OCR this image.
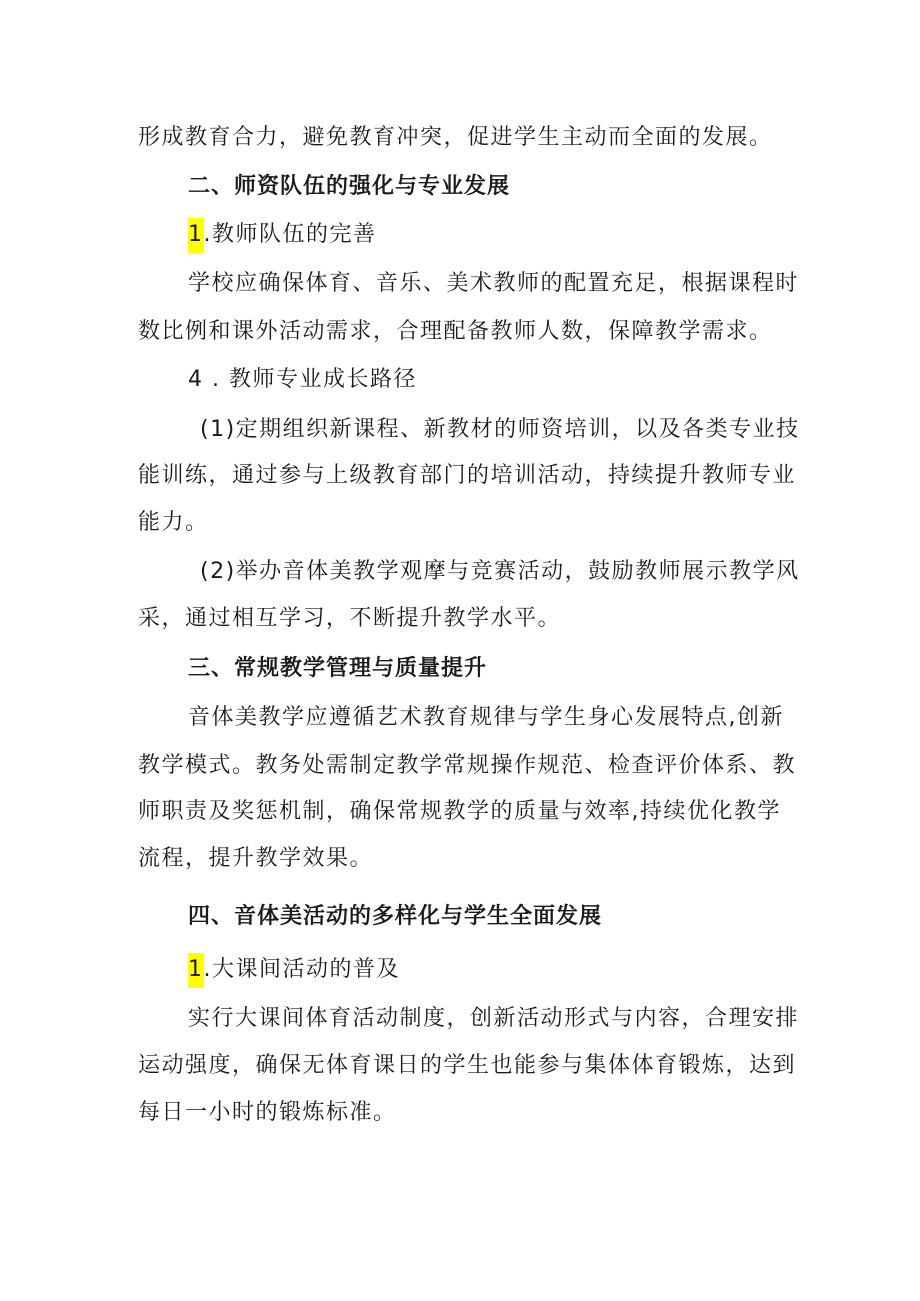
形成教育合力，避免教育冲突，促进学生主动而全面的发展。
二、师资队伍的强化与专业发展
1.教师队伍的完善
学校应确保体育、音乐、美术教师的配置充足，根据课程时
数比例和课外活动需求，合理配备教师人数，保障教学需求。
4 . 教师专业成长路径
(1)定期组织新课程、新教材的师资培训，以及各类专业技
能训练，通过参与上级教育部门的培训活动，持续提升教师专业
能力。
(2)举办音体美教学观摩与竞赛活动，鼓励教师展示教学风
采，通过相互学习，不断提升教学水平。
三、常规教学管理与质量提升
音体美教学应遵循艺术教育规律与学生身心发展特点,创新
教学模式。教务处需制定教学常规操作规范、检查评价体系、教
师职责及奖惩机制，确保常规教学的质量与效率,持续优化教学
流程，提升教学效果。
四、音体美活动的多样化与学生全面发展
1.大课间活动的普及
实行大课间体育活动制度，创新活动形式与内容，合理安排
运动强度，确保无体育课日的学生也能参与集体体育锻炼，达到
每日一小时的锻炼标准。
